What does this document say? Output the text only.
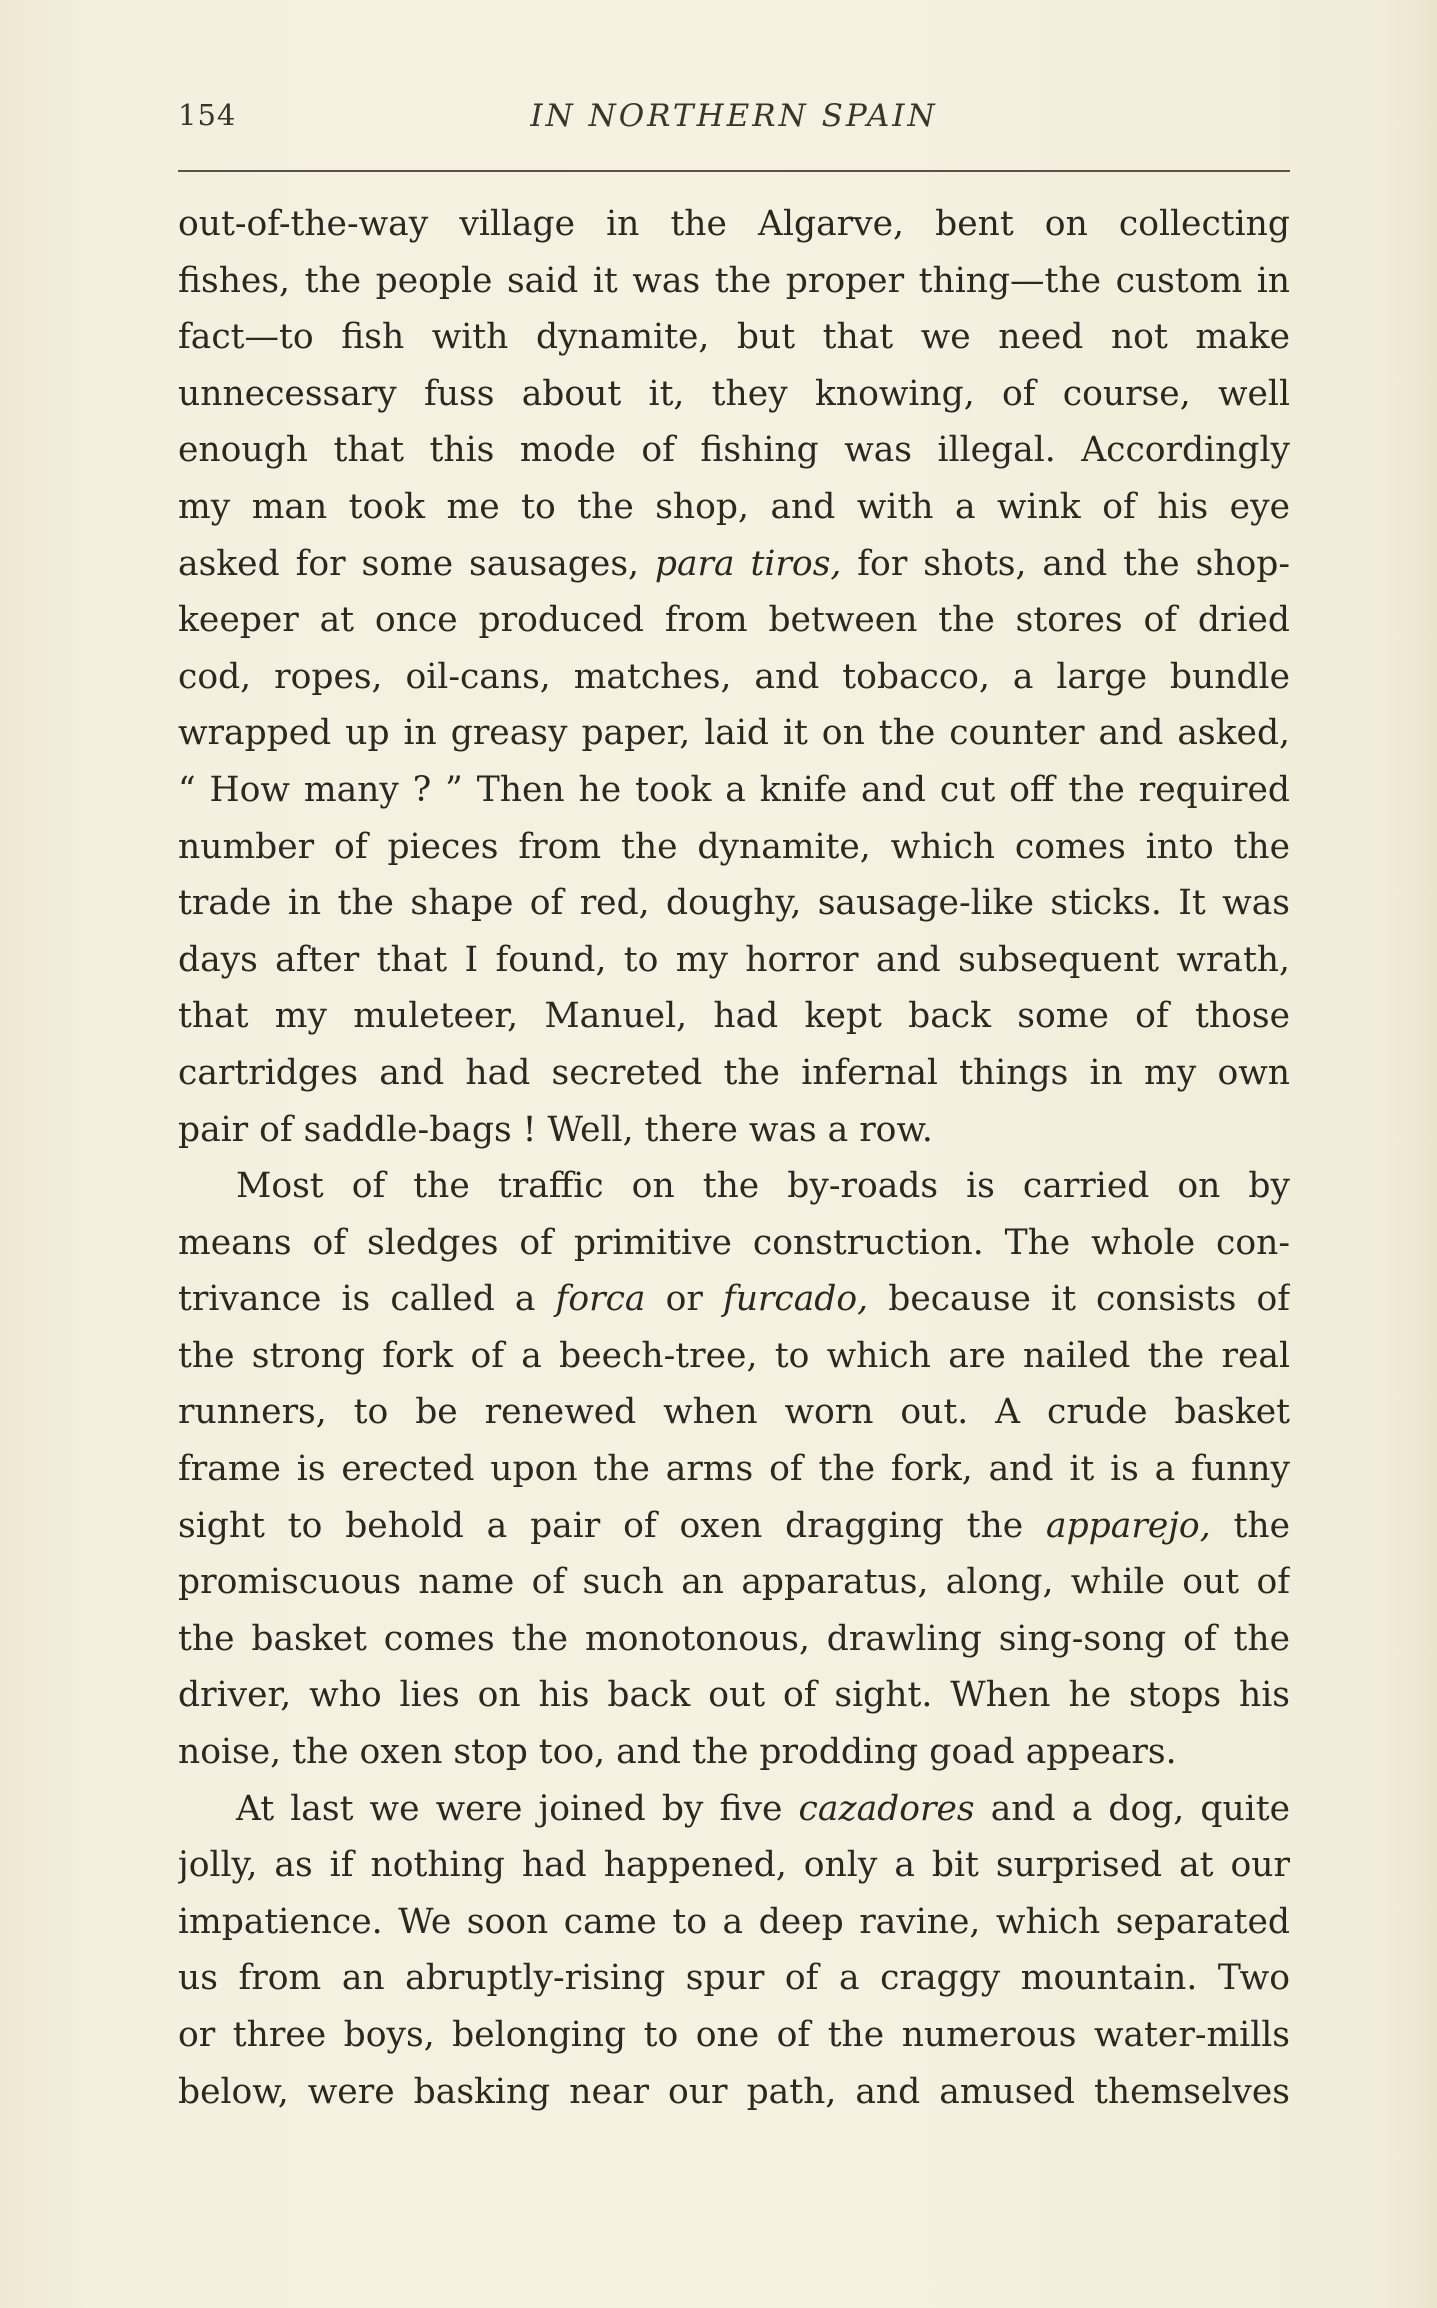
154	IN NORTHERN SPAIN
out-of-the-way village in the Algarve, bent on collecting
fishes, the people said it was the proper thing—the custom in
fact—to fish with dynamite, but that we need not make
unnecessary fuss about it, they knowing, of course, well
enough that this mode of fishing was illegal. Accordingly
my man took me to the shop, and with a wink of his eye
asked for some sausages, para tiros, for shots, and the shop-
keeper at once produced from between the stores of dried
cod, ropes, oil-cans, matches, and tobacco, a large bundle
wrapped up in greasy paper, laid it on the counter and asked,
“ How many ? ” Then he took a knife and cut off the required
number of pieces from the dynamite, which comes into the
trade in the shape of red, doughy, sausage-like sticks. It was
days after that I found, to my horror and subsequent wrath,
that my muleteer, Manuel, had kept back some of those
cartridges and had secreted the infernal things in my own
pair of saddle-bags ! Well, there was a row.
Most of the traffic on the by-roads is carried on by
means of sledges of primitive construction. The whole con-
trivance is called a forca or furcado, because it consists of
the strong fork of a beech-tree, to which are nailed the real
runners, to be renewed when worn out. A crude basket
frame is erected upon the arms of the fork, and it is a funny
sight to behold a pair of oxen dragging the apparejo, the
promiscuous name of such an apparatus, along, while out of
the basket comes the monotonous, drawling sing-song of the
driver, who lies on his back out of sight. When he stops his
noise, the oxen stop too, and the prodding goad appears.
At last we were joined by five cazadores and a dog, quite
jolly, as if nothing had happened, only a bit surprised at our
impatience. We soon came to a deep ravine, which separated
us from an abruptly-rising spur of a craggy mountain. Two
or three boys, belonging to one of the numerous water-mills
below, were basking near our path, and amused themselves
